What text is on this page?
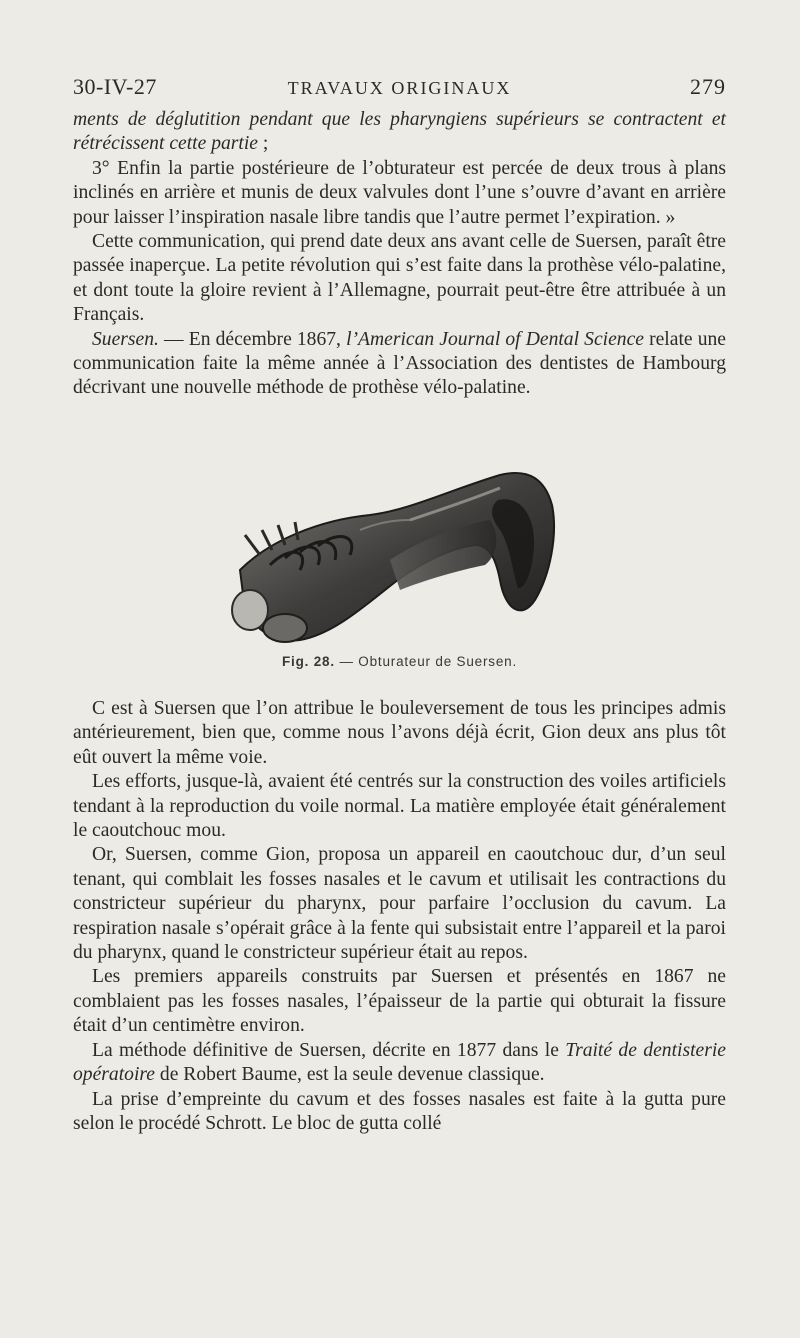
30-IV-27	TRAVAUX ORIGINAUX	279

ments de déglutition pendant que les pharyngiens supérieurs se contractent et rétrécissent cette partie ;

3° Enfin la partie postérieure de l’obturateur est percée de deux trous à plans inclinés en arrière et munis de deux valvules dont l’une s’ouvre d’avant en arrière pour laisser l’inspiration nasale libre tandis que l’autre permet l’expiration. »

Cette communication, qui prend date deux ans avant celle de Suersen, paraît être passée inaperçue. La petite révolution qui s’est faite dans la prothèse vélo-palatine, et dont toute la gloire revient à l’Allemagne, pourrait peut-être être attribuée à un Français.

Suersen. — En décembre 1867, l’American Journal of Dental Science relate une communication faite la même année à l’Association des dentistes de Hambourg décrivant une nouvelle méthode de prothèse vélo-palatine.

Fig. 28. — Obturateur de Suersen.

C est à Suersen que l’on attribue le bouleversement de tous les principes admis antérieurement, bien que, comme nous l’avons déjà écrit, Gion deux ans plus tôt eût ouvert la même voie.

Les efforts, jusque-là, avaient été centrés sur la construction des voiles artificiels tendant à la reproduction du voile normal. La matière employée était généralement le caoutchouc mou.

Or, Suersen, comme Gion, proposa un appareil en caoutchouc dur, d’un seul tenant, qui comblait les fosses nasales et le cavum et utilisait les contractions du constricteur supérieur du pharynx, pour parfaire l’occlusion du cavum. La respiration nasale s’opérait grâce à la fente qui subsistait entre l’appareil et la paroi du pharynx, quand le constricteur supérieur était au repos.

Les premiers appareils construits par Suersen et présentés en 1867 ne comblaient pas les fosses nasales, l’épaisseur de la partie qui obturait la fissure était d’un centimètre environ.

La méthode définitive de Suersen, décrite en 1877 dans le Traité de dentisterie opératoire de Robert Baume, est la seule devenue classique.

La prise d’empreinte du cavum et des fosses nasales est faite à la gutta pure selon le procédé Schrott. Le bloc de gutta collé
